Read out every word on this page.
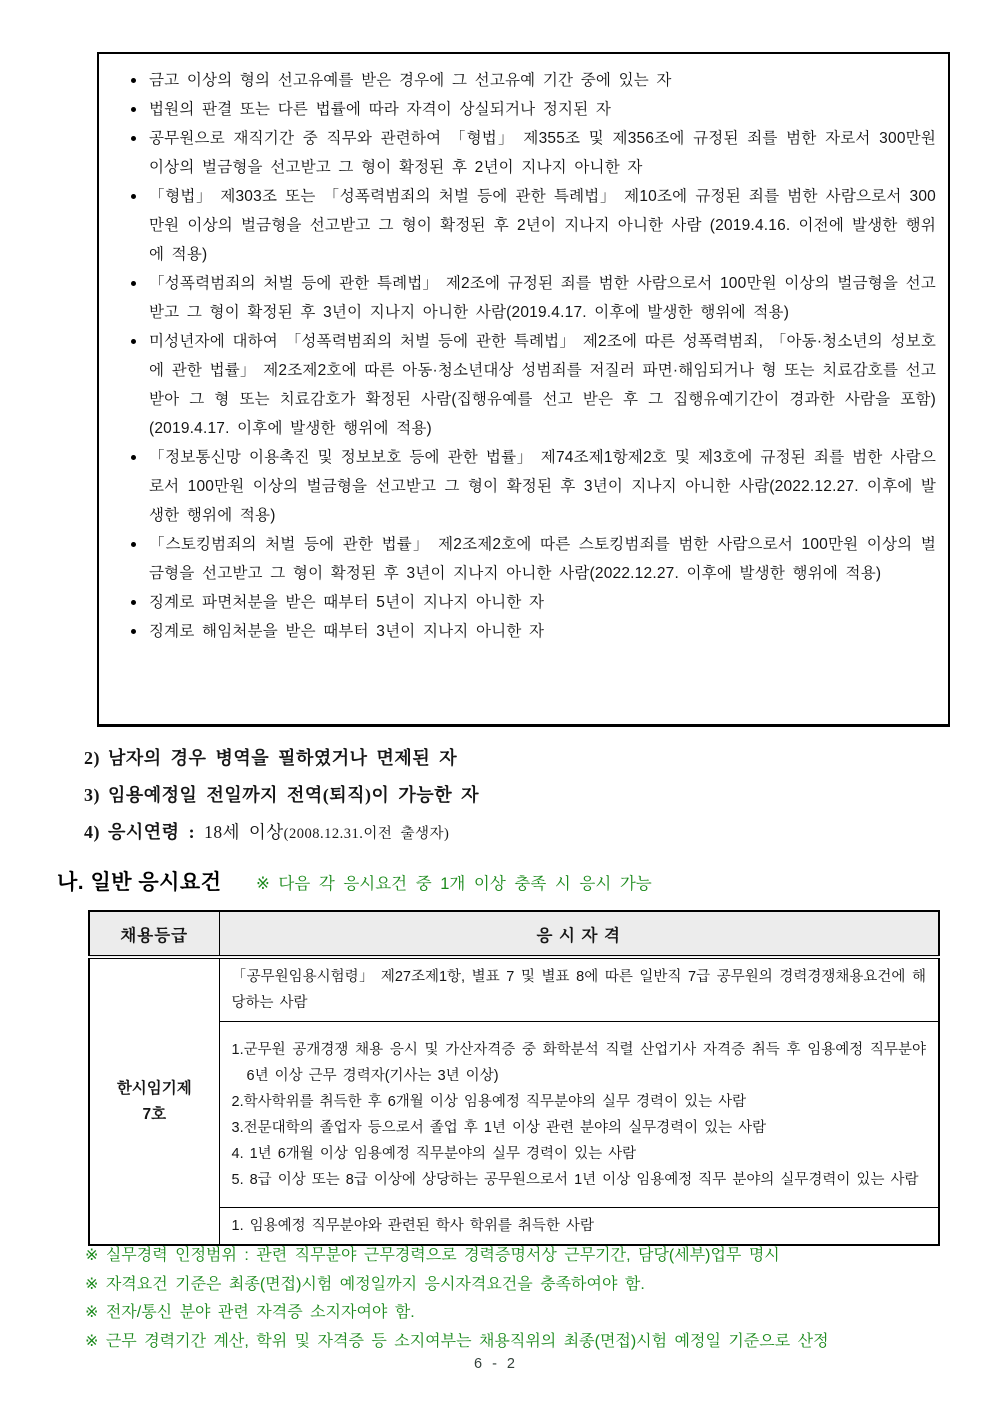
금고 이상의 형의 선고유예를 받은 경우에 그 선고유예 기간 중에 있는 자
법원의 판결 또는 다른 법률에 따라 자격이 상실되거나 정지된 자
공무원으로 재직기간 중 직무와 관련하여 「형법」 제355조 및 제356조에 규정된 죄를 범한 자로서 300만원 이상의 벌금형을 선고받고 그 형이 확정된 후 2년이 지나지 아니한 자
「형법」 제303조 또는 「성폭력범죄의 처벌 등에 관한 특례법」 제10조에 규정된 죄를 범한 사람으로서 300만원 이상의 벌금형을 선고받고 그 형이 확정된 후 2년이 지나지 아니한 사람 (2019.4.16. 이전에 발생한 행위에 적용)
「성폭력범죄의 처벌 등에 관한 특례법」 제2조에 규정된 죄를 범한 사람으로서 100만원 이상의 벌금형을 선고받고 그 형이 확정된 후 3년이 지나지 아니한 사람(2019.4.17. 이후에 발생한 행위에 적용)
미성년자에 대하여 「성폭력범죄의 처벌 등에 관한 특례법」 제2조에 따른 성폭력범죄, 「아동·청소년의 성보호에 관한 법률」 제2조제2호에 따른 아동·청소년대상 성범죄를 저질러 파면·해임되거나 형 또는 치료감호를 선고받아 그 형 또는 치료감호가 확정된 사람(집행유예를 선고 받은 후 그 집행유예기간이 경과한 사람을 포함)(2019.4.17. 이후에 발생한 행위에 적용)
「정보통신망 이용촉진 및 정보보호 등에 관한 법률」 제74조제1항제2호 및 제3호에 규정된 죄를 범한 사람으로서 100만원 이상의 벌금형을 선고받고 그 형이 확정된 후 3년이 지나지 아니한 사람(2022.12.27. 이후에 발생한 행위에 적용)
「스토킹범죄의 처벌 등에 관한 법률」 제2조제2호에 따른 스토킹범죄를 범한 사람으로서 100만원 이상의 벌금형을 선고받고 그 형이 확정된 후 3년이 지나지 아니한 사람(2022.12.27. 이후에 발생한 행위에 적용)
징계로 파면처분을 받은 때부터 5년이 지나지 아니한 자
징계로 해임처분을 받은 때부터 3년이 지나지 아니한 자
2) 남자의 경우 병역을 필하였거나 면제된 자
3) 임용예정일 전일까지 전역(퇴직)이 가능한 자
4) 응시연령 : 18세 이상(2008.12.31.이전 출생자)
나. 일반 응시요건 ※ 다음 각 응시요건 중 1개 이상 충족 시 응시 가능
채용등급	응 시 자 격

한시임기제
7호	「공무원임용시험령」 제27조제1항, 별표 7 및 별표 8에 따른 일반직 7급 공무원의 경력경쟁채용요건에 해당하는 사람

	1.군무원 공개경쟁 채용 응시 및 가산자격증 중 화학분석 직렬 산업기사 자격증 취득 후 임용예정 직무분야 6년 이상 근무 경력자(기사는 3년 이상)

2.학사학위를 취득한 후 6개월 이상 임용예정 직무분야의 실무 경력이 있는 사람

3.전문대학의 졸업자 등으로서 졸업 후 1년 이상 관련 분야의 실무경력이 있는 사람

4. 1년 6개월 이상 임용예정 직무분야의 실무 경력이 있는 사람

5. 8급 이상 또는 8급 이상에 상당하는 공무원으로서 1년 이상 임용예정 직무 분야의 실무경력이 있는 사람

	1. 임용예정 직무분야와 관련된 학사 학위를 취득한 사람

※ 실무경력 인정범위 : 관련 직무분야 근무경력으로 경력증명서상 근무기간, 담당(세부)업무 명시

※ 자격요건 기준은 최종(면접)시험 예정일까지 응시자격요건을 충족하여야 함.

※ 전자/통신 분야 관련 자격증 소지자여야 함.

※ 근무 경력기간 계산, 학위 및 자격증 등 소지여부는 채용직위의 최종(면접)시험 예정일 기준으로 산정

6 - 2
